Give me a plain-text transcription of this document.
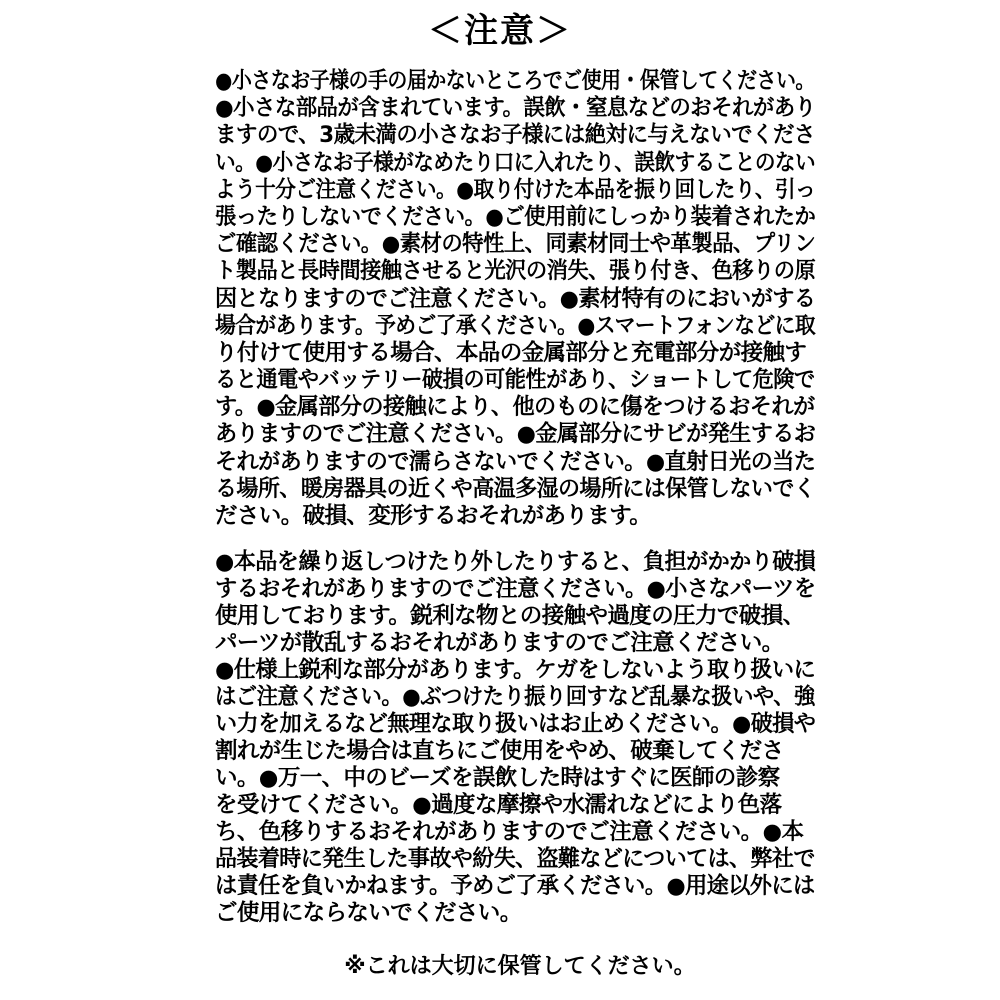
＜注意＞
●小さなお子様の手の届かないところでご使用・保管してください。
●小さな部品が含まれています。誤飲・窒息などのおそれがあり
ますので、3歳未満の小さなお子様には絶対に与えないでくださ
い。●小さなお子様がなめたり口に入れたり、誤飲することのない
よう十分ご注意ください。●取り付けた本品を振り回したり、引っ
張ったりしないでください。●ご使用前にしっかり装着されたか
ご確認ください。●素材の特性上、同素材同士や革製品、プリン
ト製品と長時間接触させると光沢の消失、張り付き、色移りの原
因となりますのでご注意ください。●素材特有のにおいがする
場合があります。予めご了承ください。●スマートフォンなどに取
り付けて使用する場合、本品の金属部分と充電部分が接触す
ると通電やバッテリー破損の可能性があり、ショートして危険で
す。●金属部分の接触により、他のものに傷をつけるおそれが
ありますのでご注意ください。●金属部分にサビが発生するお
それがありますので濡らさないでください。●直射日光の当た
る場所、暖房器具の近くや高温多湿の場所には保管しないでく
ださい。破損、変形するおそれがあります。
●本品を繰り返しつけたり外したりすると、負担がかかり破損
するおそれがありますのでご注意ください。●小さなパーツを
使用しております。鋭利な物との接触や過度の圧力で破損、
パーツが散乱するおそれがありますのでご注意ください。
●仕様上鋭利な部分があります。ケガをしないよう取り扱いに
はご注意ください。●ぶつけたり振り回すなど乱暴な扱いや、強
い力を加えるなど無理な取り扱いはお止めください。●破損や
割れが生じた場合は直ちにご使用をやめ、破棄してくださ
い。●万一、中のビーズを誤飲した時はすぐに医師の診察
を受けてください。●過度な摩擦や水濡れなどにより色落
ち、色移りするおそれがありますのでご注意ください。●本
品装着時に発生した事故や紛失、盗難などについては、弊社で
は責任を負いかねます。予めご了承ください。●用途以外には
ご使用にならないでください。
※これは大切に保管してください。
